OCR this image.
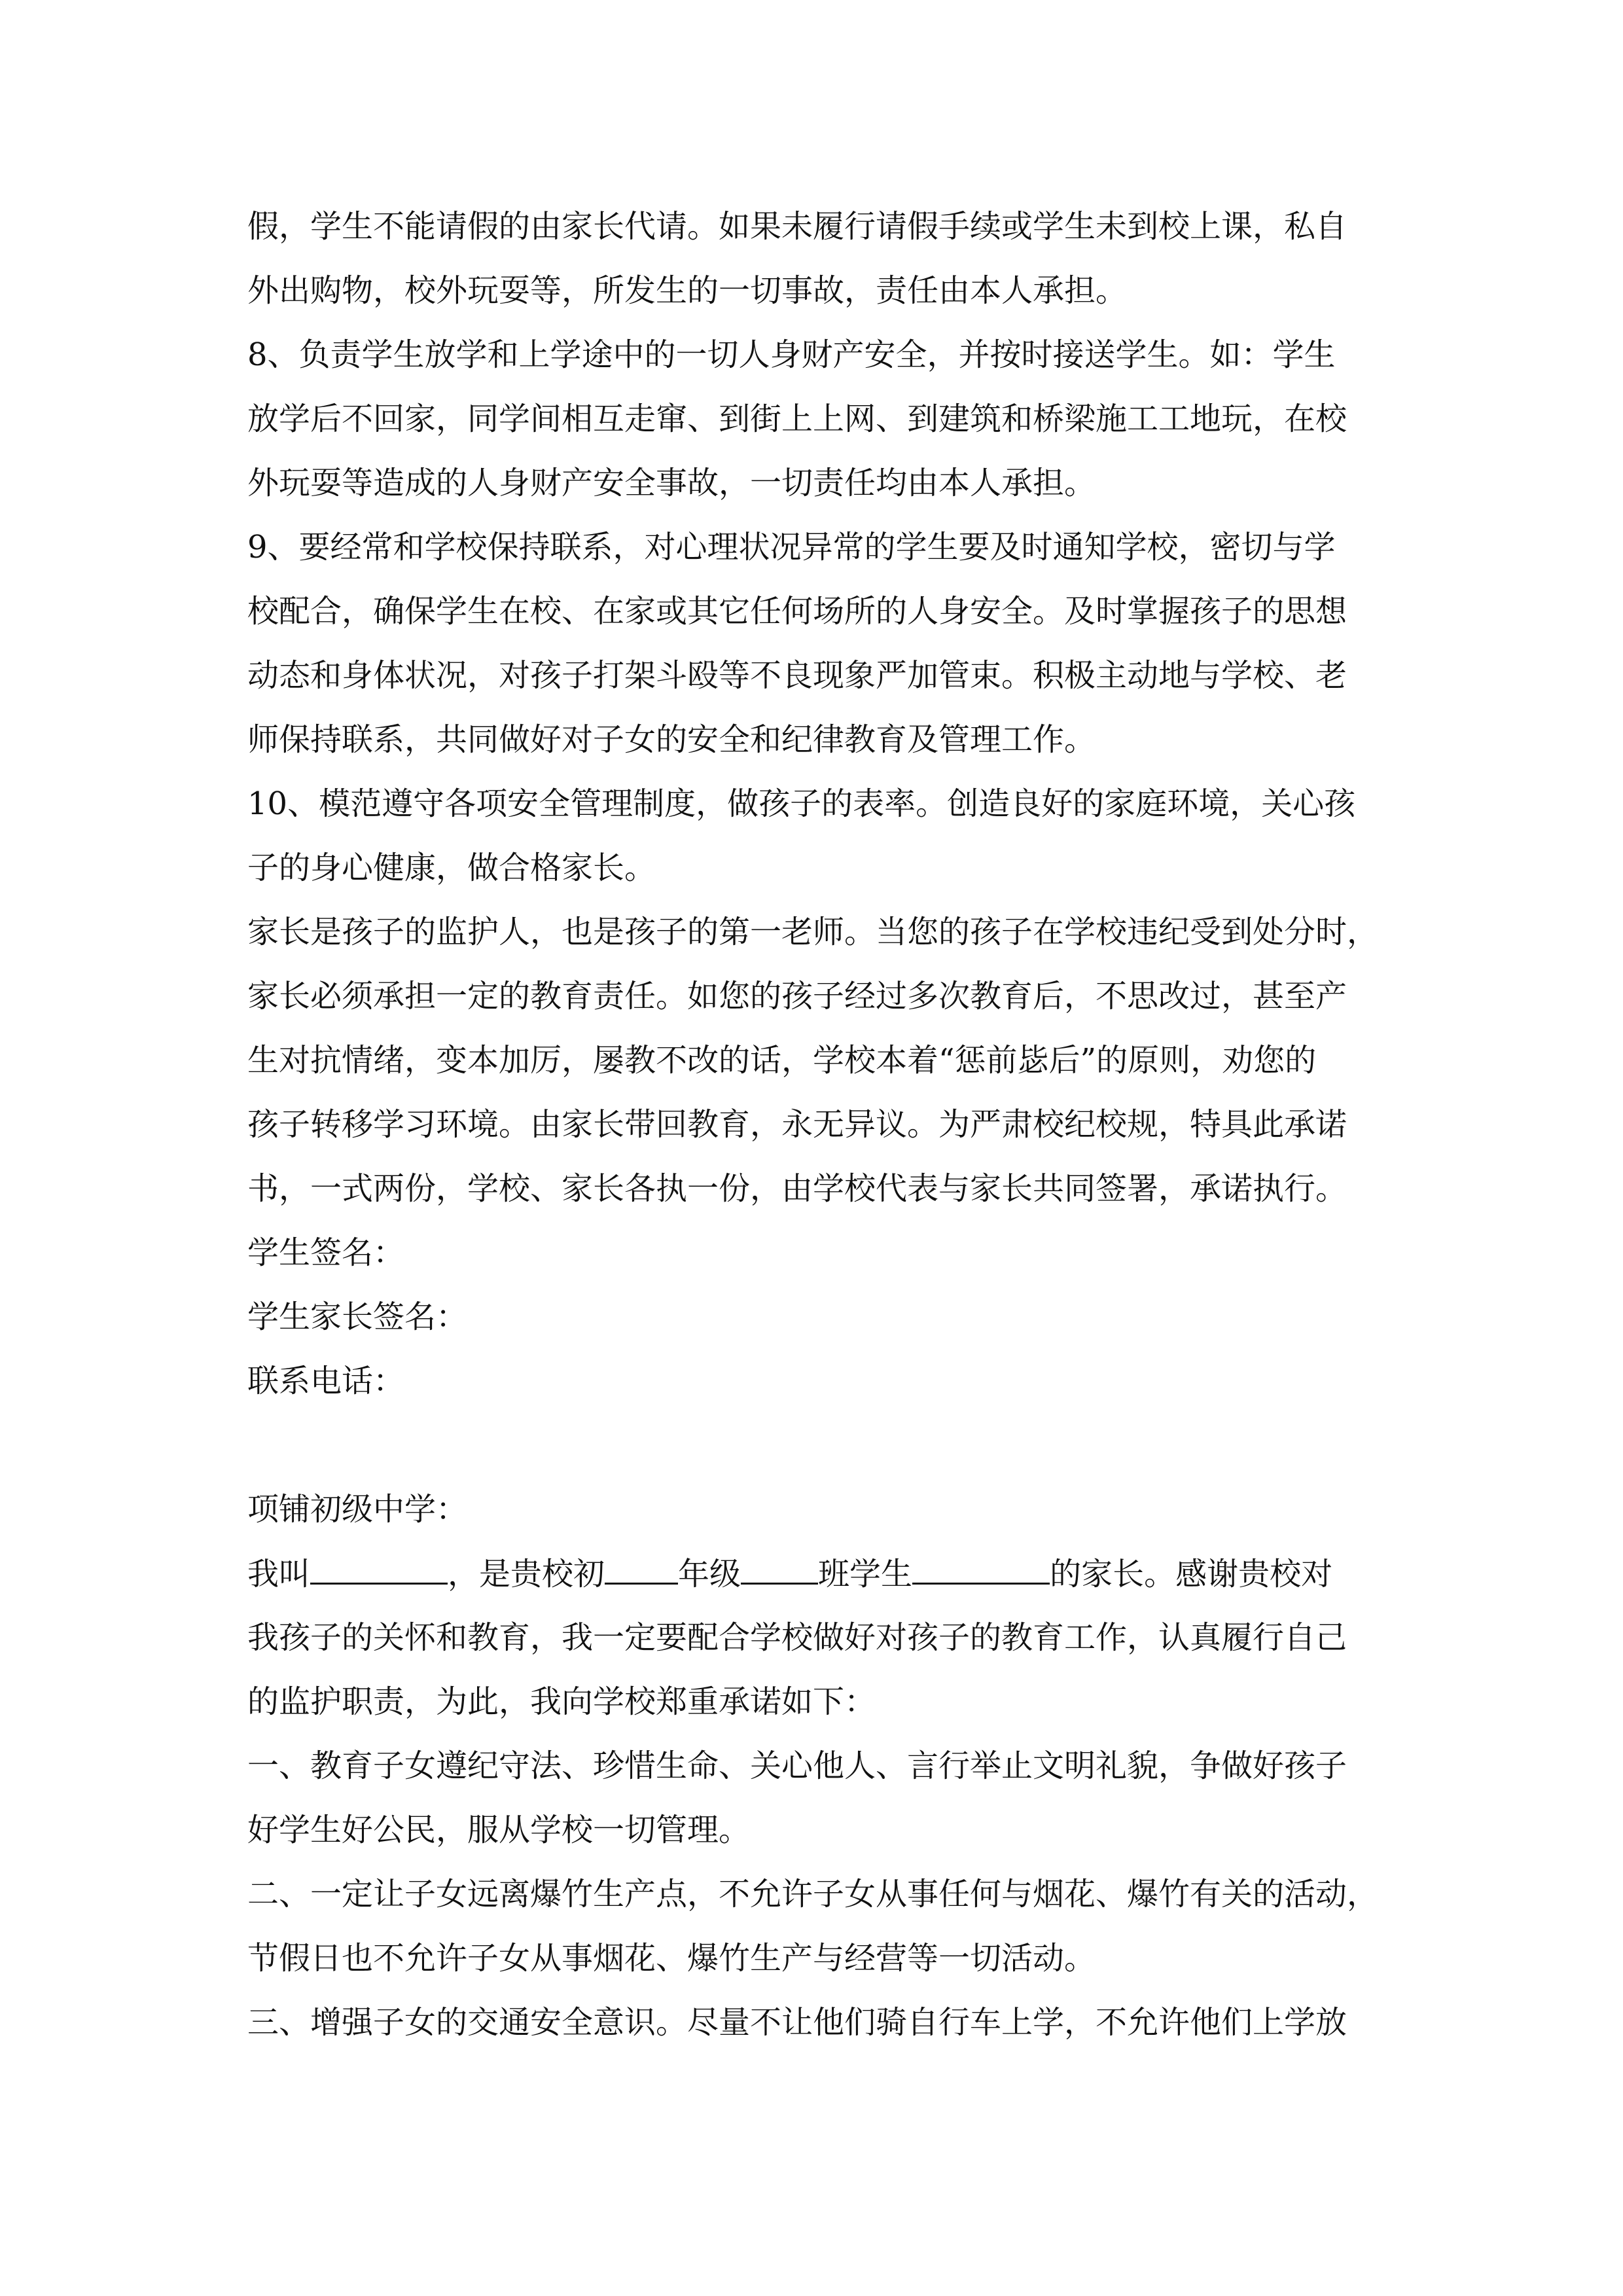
假，学生不能请假的由家长代请。如果未履行请假手续或学生未到校上课，私自
外出购物，校外玩耍等，所发生的一切事故，责任由本人承担。
8、负责学生放学和上学途中的一切人身财产安全，并按时接送学生。如：学生
放学后不回家，同学间相互走窜、到街上上网、到建筑和桥梁施工工地玩，在校
外玩耍等造成的人身财产安全事故，一切责任均由本人承担。
9、要经常和学校保持联系，对心理状况异常的学生要及时通知学校，密切与学
校配合，确保学生在校、在家或其它任何场所的人身安全。及时掌握孩子的思想
动态和身体状况，对孩子打架斗殴等不良现象严加管束。积极主动地与学校、老
师保持联系，共同做好对子女的安全和纪律教育及管理工作。
10、模范遵守各项安全管理制度，做孩子的表率。创造良好的家庭环境，关心孩
子的身心健康，做合格家长。
家长是孩子的监护人，也是孩子的第一老师。当您的孩子在学校违纪受到处分时，
家长必须承担一定的教育责任。如您的孩子经过多次教育后，不思改过，甚至产
生对抗情绪，变本加厉，屡教不改的话，学校本着“惩前毖后”的原则，劝您的
孩子转移学习环境。由家长带回教育，永无异议。为严肃校纪校规，特具此承诺
书，一式两份，学校、家长各执一份，由学校代表与家长共同签署，承诺执行。
学生签名：
学生家长签名：
联系电话：
项铺初级中学：
我叫	，是贵校初 年级 班学生	的家长。感谢贵校对
我孩子的关怀和教育，我一定要配合学校做好对孩子的教育工作，认真履行自己
的监护职责，为此，我向学校郑重承诺如下：
一、教育子女遵纪守法、珍惜生命、关心他人、言行举止文明礼貌，争做好孩子
好学生好公民，服从学校一切管理。
二、一定让子女远离爆竹生产点，不允许子女从事任何与烟花、爆竹有关的活动，
节假日也不允许子女从事烟花、爆竹生产与经营等一切活动。
三、增强子女的交通安全意识。尽量不让他们骑自行车上学，不允许他们上学放
